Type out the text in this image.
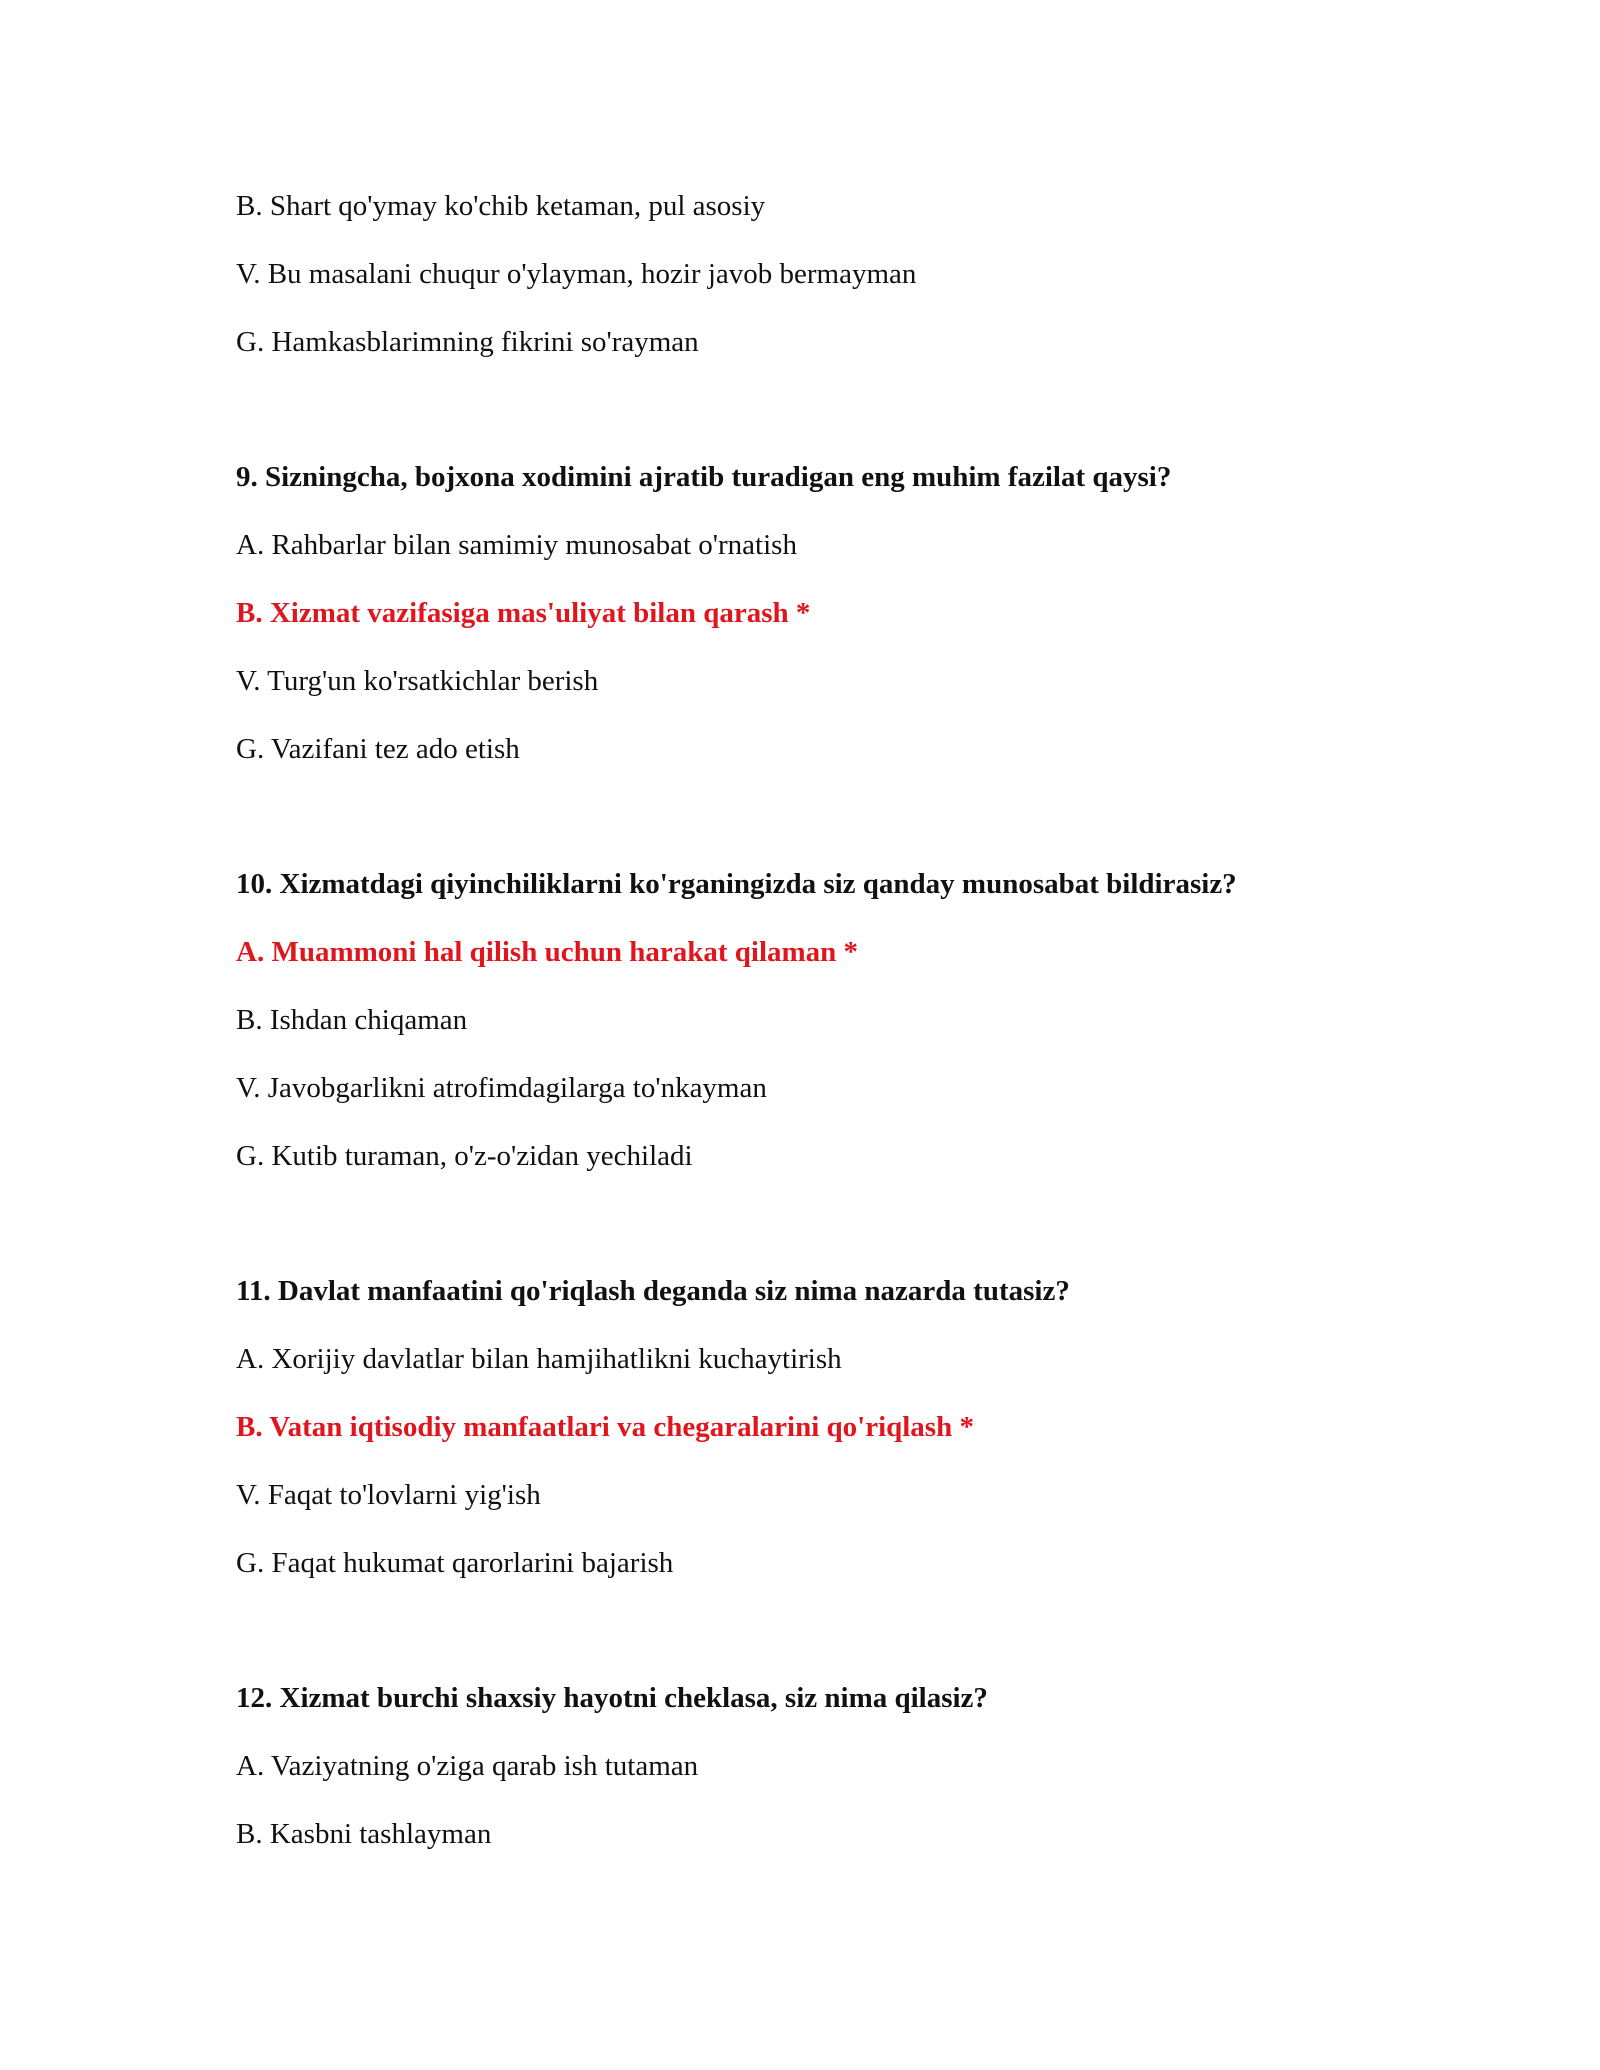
B. Shart qo'ymay ko'chib ketaman, pul asosiy
V. Bu masalani chuqur o'ylayman, hozir javob bermayman
G. Hamkasblarimning fikrini so'rayman
9. Sizningcha, bojxona xodimini ajratib turadigan eng muhim fazilat qaysi?
A. Rahbarlar bilan samimiy munosabat o'rnatish
B. Xizmat vazifasiga mas'uliyat bilan qarash *
V. Turg'un ko'rsatkichlar berish
G. Vazifani tez ado etish
10. Xizmatdagi qiyinchiliklarni ko'rganingizda siz qanday munosabat bildirasiz?
A. Muammoni hal qilish uchun harakat qilaman *
B. Ishdan chiqaman
V. Javobgarlikni atrofimdagilarga to'nkayman
G. Kutib turaman, o'z-o'zidan yechiladi
11. Davlat manfaatini qo'riqlash deganda siz nima nazarda tutasiz?
A. Xorijiy davlatlar bilan hamjihatlikni kuchaytirish
B. Vatan iqtisodiy manfaatlari va chegaralarini qo'riqlash *
V. Faqat to'lovlarni yig'ish
G. Faqat hukumat qarorlarini bajarish
12. Xizmat burchi shaxsiy hayotni cheklasa, siz nima qilasiz?
A. Vaziyatning o'ziga qarab ish tutaman
B. Kasbni tashlayman
